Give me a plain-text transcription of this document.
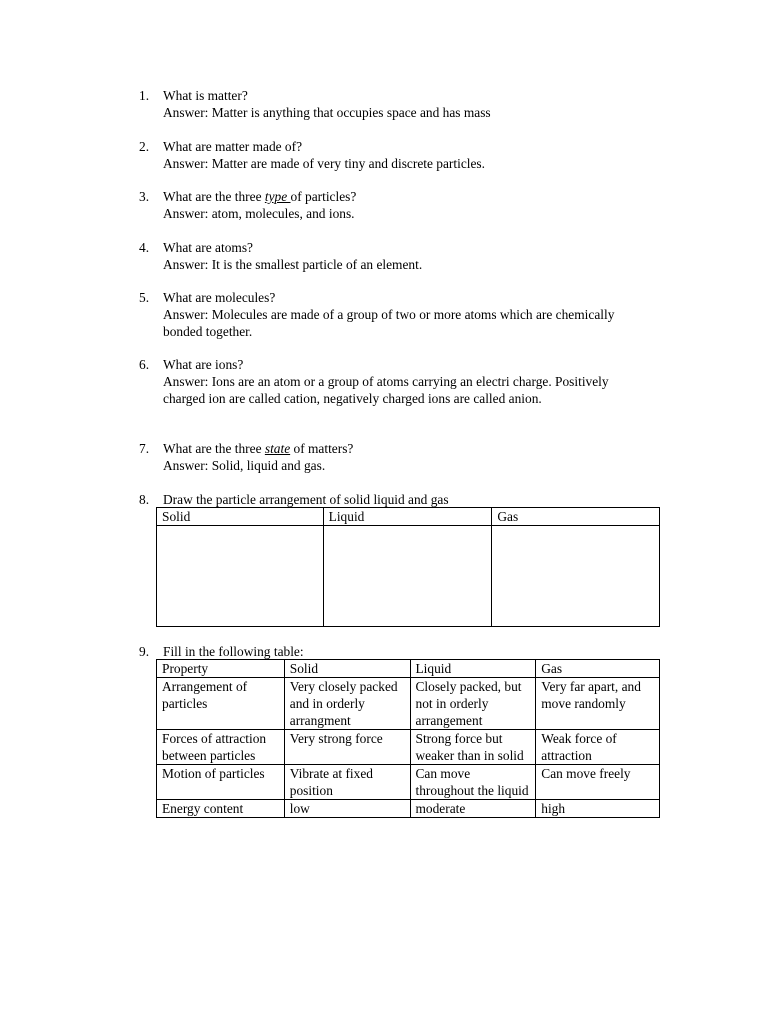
1. What is matter?
Answer: Matter is anything that occupies space and has mass
2. What are matter made of?
Answer: Matter are made of very tiny and discrete particles.
3. What are the three type of particles?
Answer: atom, molecules, and ions.
4. What are atoms?
Answer: It is the smallest particle of an element.
5. What are molecules?
Answer: Molecules are made of a group of two or more atoms which are chemically bonded together.
6. What are ions?
Answer: Ions are an atom or a group of atoms carrying an electri charge. Positively charged ion are called cation, negatively charged ions are called anion.
7. What are the three state of matters?
Answer: Solid, liquid and gas.
8. Draw the particle arrangement of solid liquid and gas
Solid	Liquid	Gas

9. Fill in the following table:
Property	Solid	Liquid	Gas
Arrangement of particles	Very closely packed and in orderly arrangment	Closely packed, but not in orderly arrangement	Very far apart, and move randomly
Forces of attraction between particles	Very strong force	Strong force but weaker than in solid	Weak force of attraction
Motion of particles	Vibrate at fixed position	Can move throughout the liquid	Can move freely
Energy content	low	moderate	high
